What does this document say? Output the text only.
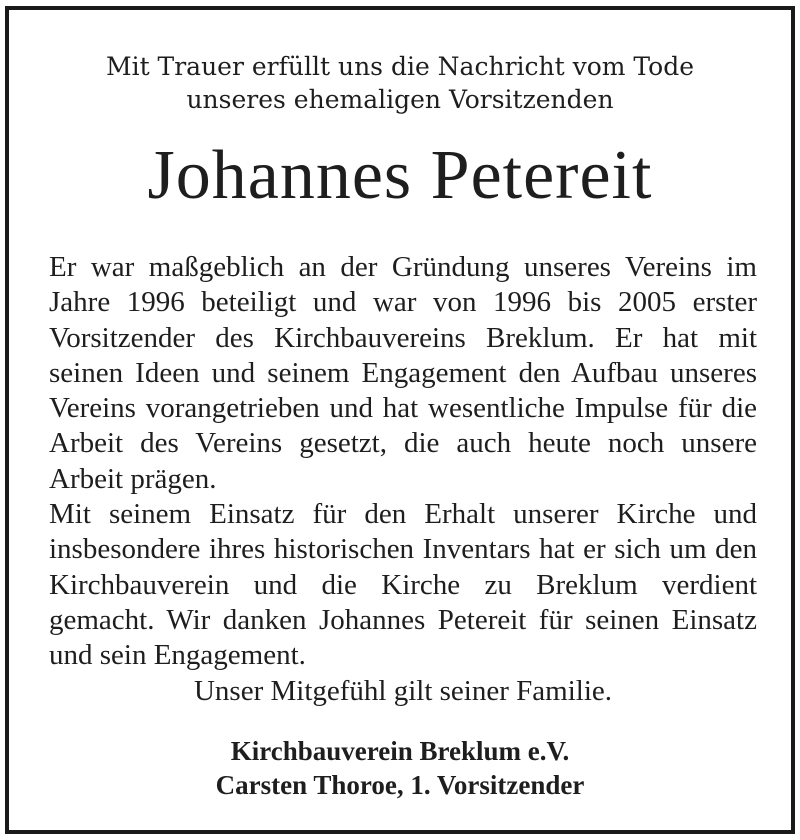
Mit Trauer erfüllt uns die Nachricht vom Tode
unseres ehemaligen Vorsitzenden
Johannes Petereit

Er war maßgeblich an der Gründung unseres Vereins im Jahre 1996 beteiligt und war von 1996 bis 2005 erster Vorsitzender des Kirchbauvereins Breklum. Er hat mit seinen Ideen und seinem Engagement den Aufbau unseres Vereins vorangetrieben und hat wesentliche Impulse für die Arbeit des Vereins gesetzt, die auch heute noch unsere Arbeit prägen.

Mit seinem Einsatz für den Erhalt unserer Kirche und insbesondere ihres historischen Inventars hat er sich um den Kirchbauverein und die Kirche zu Breklum verdient gemacht. Wir danken Johannes Petereit für seinen Einsatz und sein Engagement.

Unser Mitgefühl gilt seiner Familie.

Kirchbauverein Breklum e.V.
Carsten Thoroe, 1. Vorsitzender
